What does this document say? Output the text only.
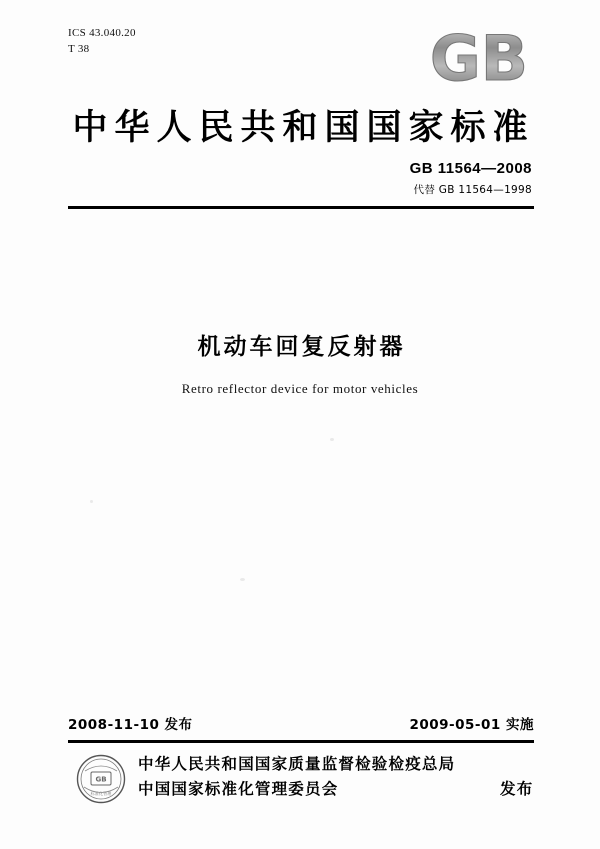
ICS 43.040.20
T 38	GB
中华人民共和国国家标准
GB 11564—2008
代替 GB 11564—1998
机动车回复反射器
Retro reflector device for motor vehicles
2008-11-10 发布	2009-05-01 实施
GB
标准化管理
中华人民共和国国家质量监督检验检疫总局
中国国家标准化管理委员会	发布
